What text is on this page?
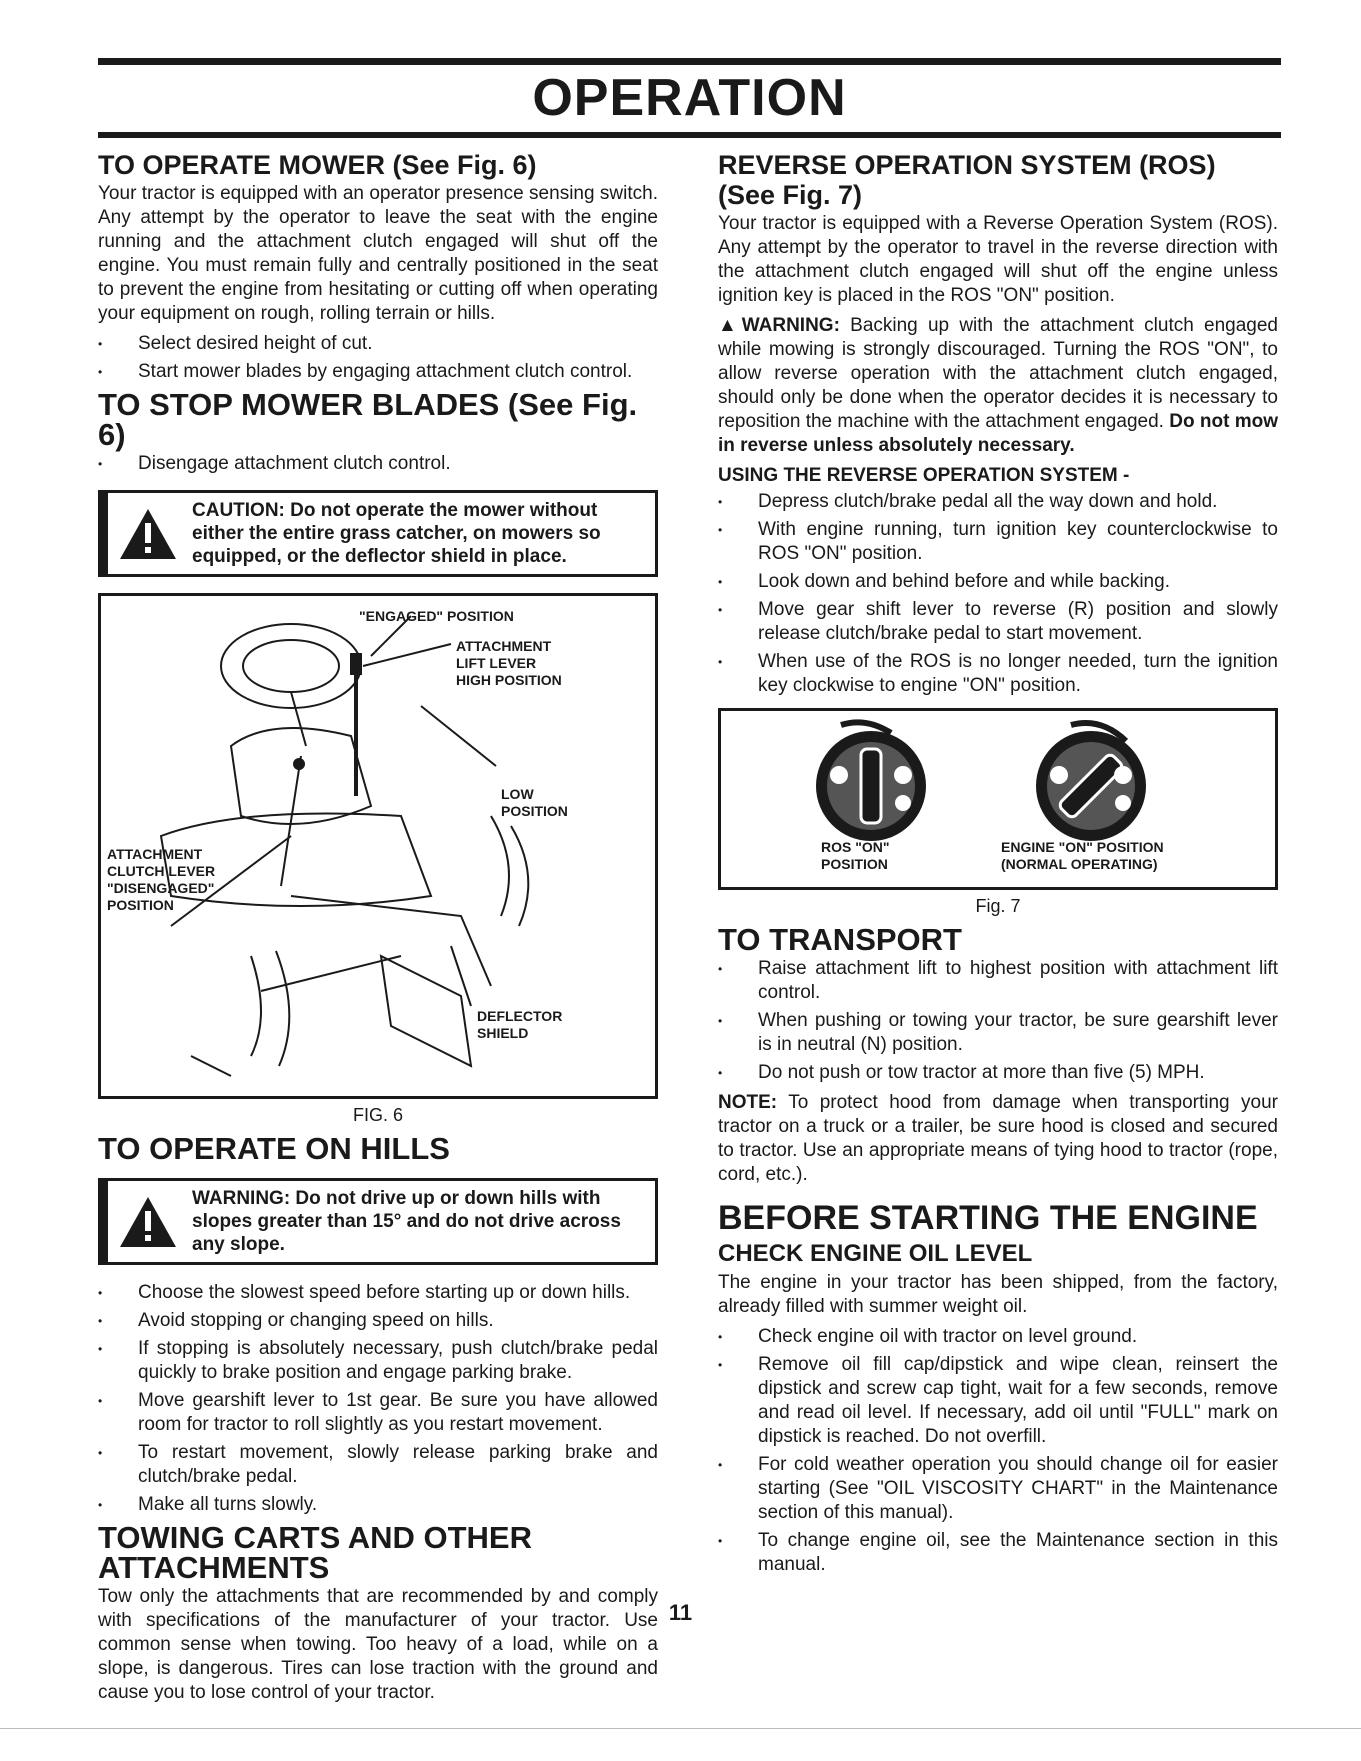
OPERATION
TO OPERATE MOWER (See Fig. 6)

Your tractor is equipped with an operator presence sensing switch. Any attempt by the operator to leave the seat with the engine running and the attachment clutch engaged will shut off the engine. You must remain fully and centrally positioned in the seat to prevent the engine from hesitating or cutting off when operating your equipment on rough, rolling terrain or hills.

• Select desired height of cut.
• Start mower blades by engaging attachment clutch control.
TO STOP MOWER BLADES (See Fig. 6)
• Disengage attachment clutch control.
CAUTION: Do not operate the mower without either the entire grass catcher, on mowers so equipped, or the deflector shield in place.
"ENGAGED" POSITION
ATTACHMENT
LIFT LEVER
HIGH POSITION
LOW
POSITION
ATTACHMENT
CLUTCH LEVER
"DISENGAGED"
POSITION
DEFLECTOR
SHIELD
FIG. 6
TO OPERATE ON HILLS
WARNING: Do not drive up or down hills with slopes greater than 15° and do not drive across any slope.
• Choose the slowest speed before starting up or down hills.
• Avoid stopping or changing speed on hills.
• If stopping is absolutely necessary, push clutch/brake pedal quickly to brake position and engage parking brake.
• Move gearshift lever to 1st gear. Be sure you have allowed room for tractor to roll slightly as you restart movement.
• To restart movement, slowly release parking brake and clutch/brake pedal.
• Make all turns slowly.
TOWING CARTS AND OTHER ATTACHMENTS

Tow only the attachments that are recommended by and comply with specifications of the manufacturer of your tractor. Use common sense when towing. Too heavy of a load, while on a slope, is dangerous. Tires can lose traction with the ground and cause you to lose control of your tractor.

REVERSE OPERATION SYSTEM (ROS)
(See Fig. 7)

Your tractor is equipped with a Reverse Operation System (ROS). Any attempt by the operator to travel in the reverse direction with the attachment clutch engaged will shut off the engine unless ignition key is placed in the ROS "ON" position.

▲WARNING: Backing up with the attachment clutch engaged while mowing is strongly discouraged. Turning the ROS "ON", to allow reverse operation with the attachment clutch engaged, should only be done when the operator decides it is necessary to reposition the machine with the attachment engaged. Do not mow in reverse unless absolutely necessary.

USING THE REVERSE OPERATION SYSTEM -
• Depress clutch/brake pedal all the way down and hold.
• With engine running, turn ignition key counterclockwise to ROS "ON" position.
• Look down and behind before and while backing.
• Move gear shift lever to reverse (R) position and slowly release clutch/brake pedal to start movement.
• When use of the ROS is no longer needed, turn the ignition key clockwise to engine "ON" position.
ROS "ON"
POSITION
ENGINE "ON" POSITION
(NORMAL OPERATING)
Fig. 7
TO TRANSPORT
• Raise attachment lift to highest position with attachment lift control.
• When pushing or towing your tractor, be sure gearshift lever is in neutral (N) position.
• Do not push or tow tractor at more than five (5) MPH.

NOTE: To protect hood from damage when transporting your tractor on a truck or a trailer, be sure hood is closed and secured to tractor. Use an appropriate means of tying hood to tractor (rope, cord, etc.).

BEFORE STARTING THE ENGINE
CHECK ENGINE OIL LEVEL

The engine in your tractor has been shipped, from the factory, already filled with summer weight oil.

• Check engine oil with tractor on level ground.
• Remove oil fill cap/dipstick and wipe clean, reinsert the dipstick and screw cap tight, wait for a few seconds, remove and read oil level. If necessary, add oil until "FULL" mark on dipstick is reached. Do not overfill.
• For cold weather operation you should change oil for easier starting (See "OIL VISCOSITY CHART" in the Maintenance section of this manual).
• To change engine oil, see the Maintenance section in this manual.
11
